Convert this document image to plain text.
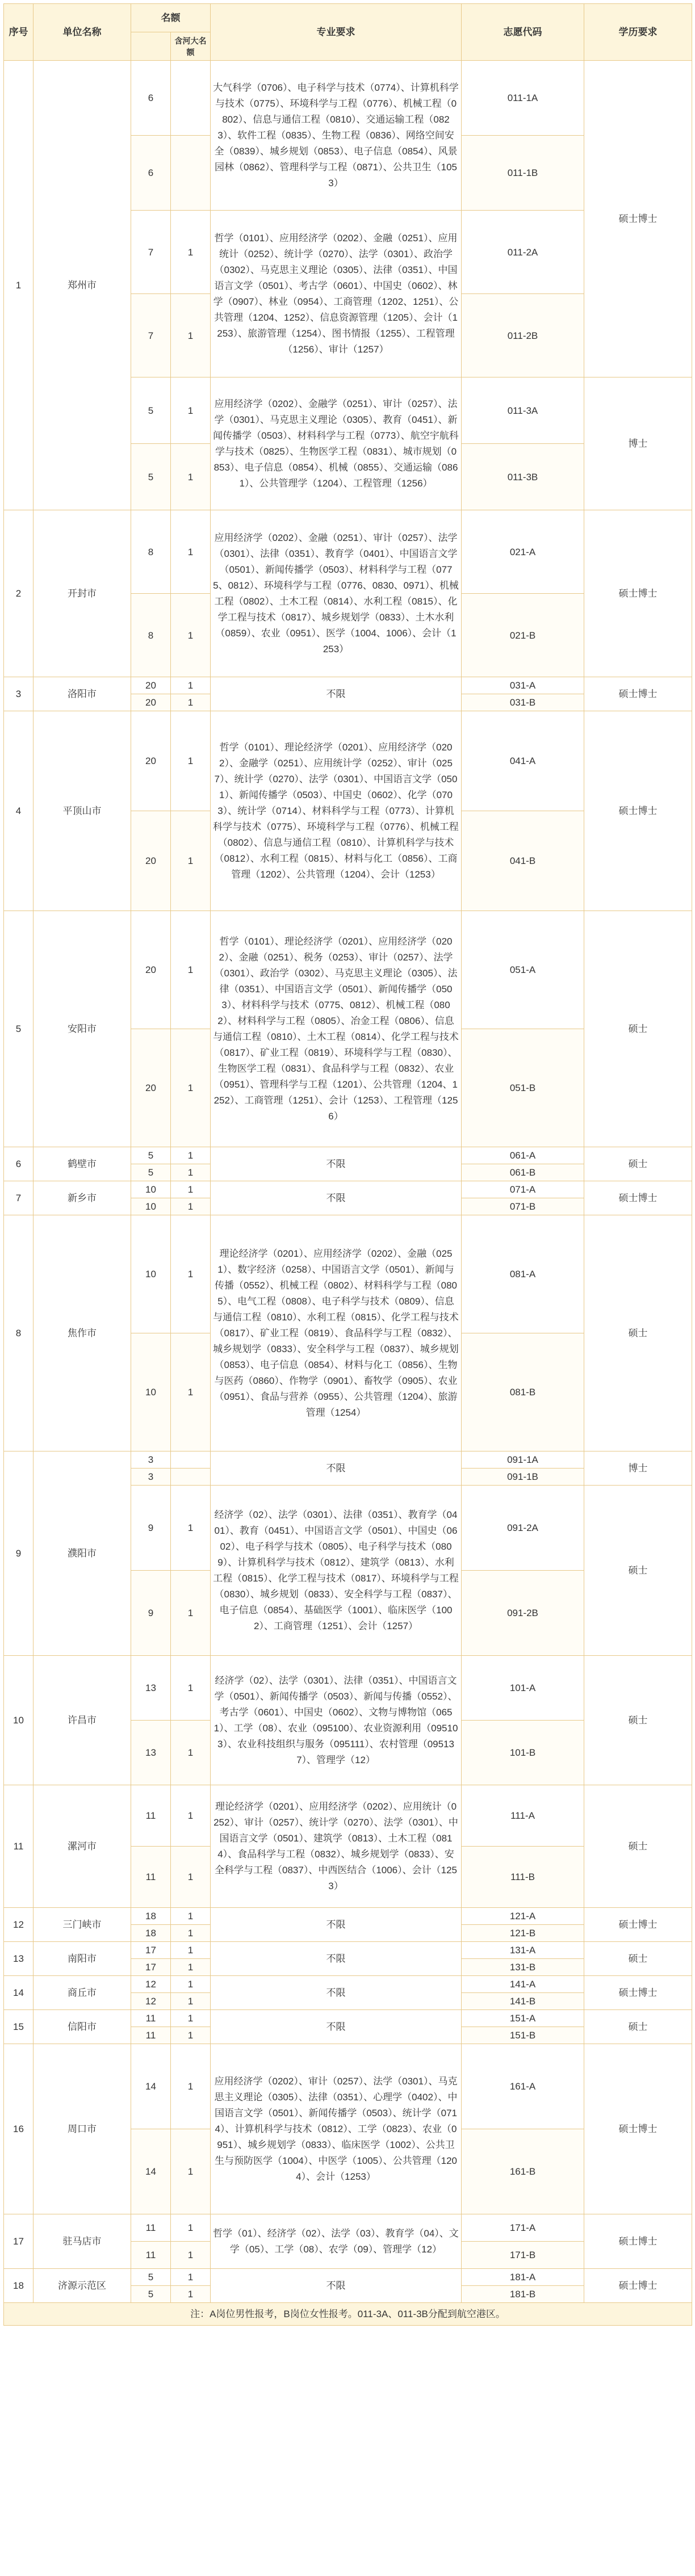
序号	单位名称	名额		专业要求	志愿代码	学历要求
			含河大名额			
1	郑州市	6		大气科学（0706）、电子科学与技术（0774）、计算机科学与技术（0775）、环境科学与工程（0776）、机械工程（0802）、信息与通信工程（0810）、交通运输工程（0823）、软件工程（0835）、生物工程（0836）、网络空间安全（0839）、城乡规划（0853）、电子信息（0854）、风景园林（0862）、管理科学与工程（0871）、公共卫生（1053）	011-1A	硕士博士
		6			011-1B	
		7	1	哲学（0101）、应用经济学（0202）、金融（0251）、应用统计（0252）、统计学（0270）、法学（0301）、政治学（0302）、马克思主义理论（0305）、法律（0351）、中国语言文学（0501）、考古学（0601）、中国史（0602）、林学（0907）、林业（0954）、工商管理（1202、1251）、公共管理（1204、1252）、信息资源管理（1205）、会计（1253）、旅游管理（1254）、图书情报（1255）、工程管理（1256）、审计（1257）	011-2A	
		7	1		011-2B	
		5	1	应用经济学（0202）、金融学（0251）、审计（0257）、法学（0301）、马克思主义理论（0305）、教育（0451）、新闻传播学（0503）、材料科学与工程（0773）、航空宇航科学与技术（0825）、生物医学工程（0831）、城市规划（0853）、电子信息（0854）、机械（0855）、交通运输（0861）、公共管理学（1204）、工程管理（1256）	011-3A	博士
		5	1		011-3B	
2	开封市	8	1	应用经济学（0202）、金融（0251）、审计（0257）、法学（0301）、法律（0351）、教育学（0401）、中国语言文学（0501）、新闻传播学（0503）、材料科学与工程（0775、0812）、环境科学与工程（0776、0830、0971）、机械工程（0802）、土木工程（0814）、水利工程（0815）、化学工程与技术（0817）、城乡规划学（0833）、土木水利（0859）、农业（0951）、医学（1004、1006）、会计（1253）	021-A	硕士博士
		8	1		021-B	
3	洛阳市	20	1	不限	031-A	硕士博士
		20	1		031-B	
4	平顶山市	20	1	哲学（0101）、理论经济学（0201）、应用经济学（0202）、金融学（0251）、应用统计学（0252）、审计（0257）、统计学（0270）、法学（0301）、中国语言文学（0501）、新闻传播学（0503）、中国史（0602）、化学（0703）、统计学（0714）、材料科学与工程（0773）、计算机科学与技术（0775）、环境科学与工程（0776）、机械工程（0802）、信息与通信工程（0810）、计算机科学与技术（0812）、水利工程（0815）、材料与化工（0856）、工商管理（1202）、公共管理（1204）、会计（1253）	041-A	硕士博士
		20	1		041-B	
5	安阳市	20	1	哲学（0101）、理论经济学（0201）、应用经济学（0202）、金融（0251）、税务（0253）、审计（0257）、法学（0301）、政治学（0302）、马克思主义理论（0305）、法律（0351）、中国语言文学（0501）、新闻传播学（0503）、材料科学与技术（0775、0812）、机械工程（0802）、材料科学与工程（0805）、冶金工程（0806）、信息与通信工程（0810）、土木工程（0814）、化学工程与技术（0817）、矿业工程（0819）、环境科学与工程（0830）、生物医学工程（0831）、食品科学与工程（0832）、农业（0951）、管理科学与工程（1201）、公共管理（1204、1252）、工商管理（1251）、会计（1253）、工程管理（1256）	051-A	硕士
		20	1		051-B	
6	鹤壁市	5	1	不限	061-A	硕士
		5	1		061-B	
7	新乡市	10	1	不限	071-A	硕士博士
		10	1		071-B	
8	焦作市	10	1	理论经济学（0201）、应用经济学（0202）、金融（0251）、数字经济（0258）、中国语言文学（0501）、新闻与传播（0552）、机械工程（0802）、材料科学与工程（0805）、电气工程（0808）、电子科学与技术（0809）、信息与通信工程（0810）、水利工程（0815）、化学工程与技术（0817）、矿业工程（0819）、食品科学与工程（0832）、城乡规划学（0833）、安全科学与工程（0837）、城乡规划（0853）、电子信息（0854）、材料与化工（0856）、生物与医药（0860）、作物学（0901）、畜牧学（0905）、农业（0951）、食品与营养（0955）、公共管理（1204）、旅游管理（1254）	081-A	硕士
		10	1		081-B	
9	濮阳市	3		不限	091-1A	博士
		3			091-1B	
		9	1	经济学（02）、法学（0301）、法律（0351）、教育学（0401）、教育（0451）、中国语言文学（0501）、中国史（0602）、电子科学与技术（0805）、电子科学与技术（0809）、计算机科学与技术（0812）、建筑学（0813）、水利工程（0815）、化学工程与技术（0817）、环境科学与工程（0830）、城乡规划（0833）、安全科学与工程（0837）、电子信息（0854）、基础医学（1001）、临床医学（1002）、工商管理（1251）、会计（1257）	091-2A	硕士
		9	1		091-2B	
10	许昌市	13	1	经济学（02）、法学（0301）、法律（0351）、中国语言文学（0501）、新闻传播学（0503）、新闻与传播（0552）、考古学（0601）、中国史（0602）、文物与博物馆（0651）、工学（08）、农业（095100）、农业资源利用（095103）、农业科技组织与服务（095111）、农村管理（095137）、管理学（12）	101-A	硕士
		13	1		101-B	
11	漯河市	11	1	理论经济学（0201）、应用经济学（0202）、应用统计（0252）、审计（0257）、统计学（0270）、法学（0301）、中国语言文学（0501）、建筑学（0813）、土木工程（0814）、食品科学与工程（0832）、城乡规划学（0833）、安全科学与工程（0837）、中西医结合（1006）、会计（1253）	111-A	硕士
		11	1		111-B	
12	三门峡市	18	1	不限	121-A	硕士博士
		18	1		121-B	
13	南阳市	17	1	不限	131-A	硕士
		17	1		131-B	
14	商丘市	12	1	不限	141-A	硕士博士
		12	1		141-B	
15	信阳市	11	1	不限	151-A	硕士
		11	1		151-B	
16	周口市	14	1	应用经济学（0202）、审计（0257）、法学（0301）、马克思主义理论（0305）、法律（0351）、心理学（0402）、中国语言文学（0501）、新闻传播学（0503）、统计学（0714）、计算机科学与技术（0812）、工学（0823）、农业（0951）、城乡规划学（0833）、临床医学（1002）、公共卫生与预防医学（1004）、中医学（1005）、公共管理（1204）、会计（1253）	161-A	硕士博士
		14	1		161-B	
17	驻马店市	11	1	哲学（01）、经济学（02）、法学（03）、教育学（04）、文学（05）、工学（08）、农学（09）、管理学（12）	171-A	硕士博士
		11	1		171-B	
18	济源示范区	5	1	不限	181-A	硕士博士
		5	1		181-B	
注：A岗位男性报考，B岗位女性报考。011-3A、011-3B分配到航空港区。						
